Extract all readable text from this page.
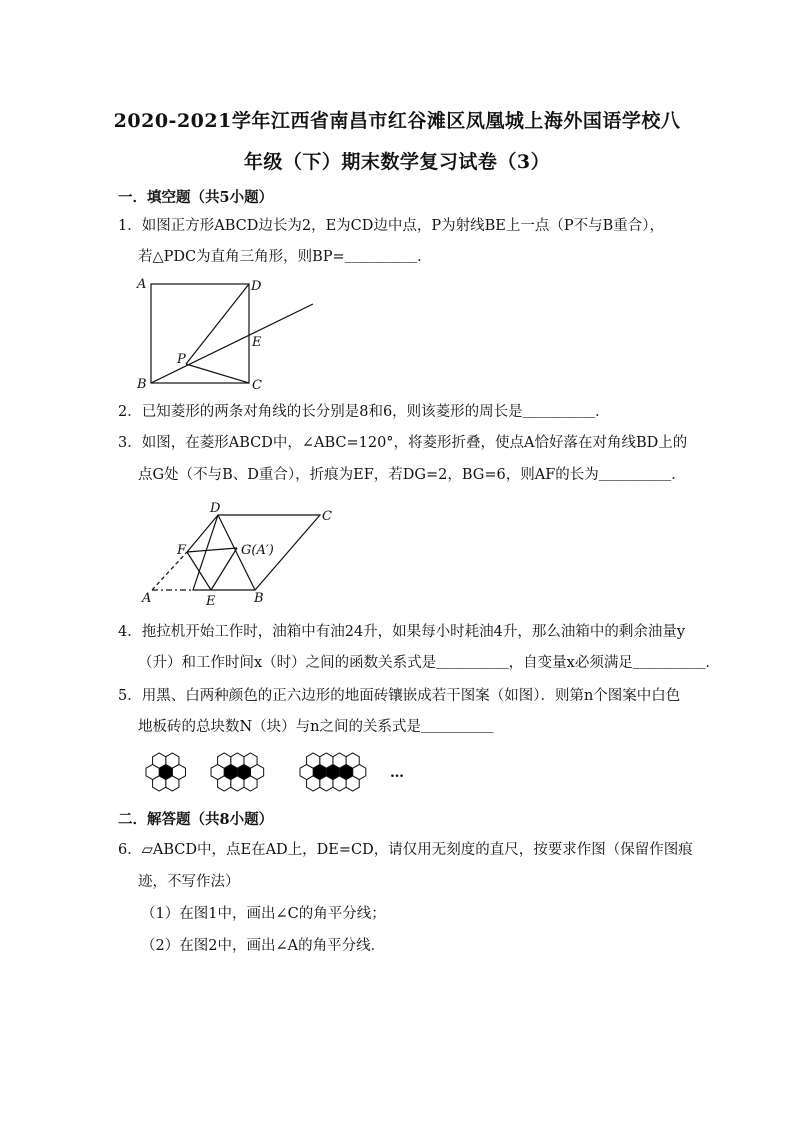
2020-2021学年江西省南昌市红谷滩区凤凰城上海外国语学校八
年级（下）期末数学复习试卷（3）
一．填空题（共5小题）
1．如图正方形ABCD边长为2，E为CD边中点，P为射线BE上一点（P不与B重合），
若△PDC为直角三角形，则BP=＿＿＿＿＿．
A	D
E
P
B	C
2．已知菱形的两条对角线的长分别是8和6，则该菱形的周长是＿＿＿＿＿．
3．如图，在菱形ABCD中，∠ABC=120°，将菱形折叠，使点A恰好落在对角线BD上的
点G处（不与B、D重合），折痕为EF，若DG=2，BG=6，则AF的长为＿＿＿＿＿．
D
C
F	G(A′)
A	E	B
4．拖拉机开始工作时，油箱中有油24升，如果每小时耗油4升，那么油箱中的剩余油量y
（升）和工作时间x（时）之间的函数关系式是＿＿＿＿＿，自变量x必须满足＿＿＿＿＿．
5．用黑、白两种颜色的正六边形的地面砖镶嵌成若干图案（如图）．则第n个图案中白色
地板砖的总块数N（块）与n之间的关系式是＿＿＿＿＿
…
二．解答题（共8小题）
6．▱ABCD中，点E在AD上，DE=CD，请仅用无刻度的直尺，按要求作图（保留作图痕
迹，不写作法）
（1）在图1中，画出∠C的角平分线；
（2）在图2中，画出∠A的角平分线．
